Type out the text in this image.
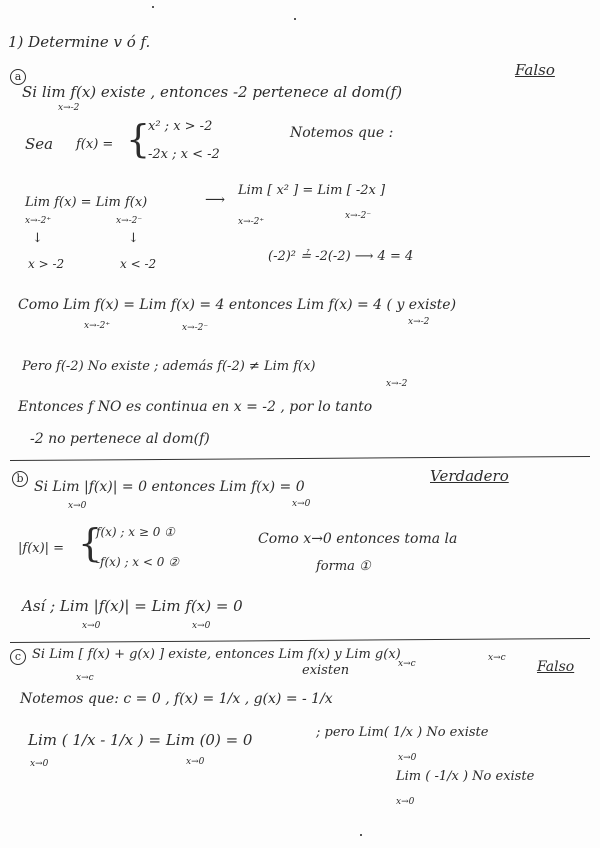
1) Determine v ó f.
a
Si lim f(x) existe , entonces -2 pertenece al dom(f)
x→-2
Falso
Sea f(x) = {
x² ; x > -2
-2x ; x < -2
Notemos que :
Lim f(x) = Lim f(x)
x→-2⁺	x→-2⁻
⟶
Lim [ x² ] = Lim [ -2x ]
x→-2⁺
x→-2⁻
↓	↓
x > -2	x < -2	(-2)² ≟ -2(-2) ⟶ 4 = 4
Como Lim f(x) = Lim f(x) = 4 entonces Lim f(x) = 4 ( y existe)
x→-2⁺	x→-2⁻
x→-2
Pero f(-2) No existe ; además f(-2) ≠ Lim f(x)
x→-2
Entonces f NO es continua en x = -2 , por lo tanto
-2 no pertenece al dom(f)
b
Si Lim |f(x)| = 0 entonces Lim f(x) = 0
x→0	x→0
Verdadero
|f(x)| = {
f(x) ; x ≥ 0 ①
-f(x) ; x < 0 ②
Como x→0 entonces toma la
forma ①
Así ; Lim |f(x)| = Lim f(x) = 0
x→0	x→0
c Si Lim [ f(x) + g(x) ] existe, entonces Lim f(x) y Lim g(x)
x→c	existen	x→c
x→c
Falso
Notemos que: c = 0 , f(x) = 1/x , g(x) = - 1/x
Lim ( 1/x - 1/x ) = Lim (0) = 0
x→0	x→0
; pero Lim( 1/x ) No existe
x→0
Lim ( -1/x ) No existe
x→0
